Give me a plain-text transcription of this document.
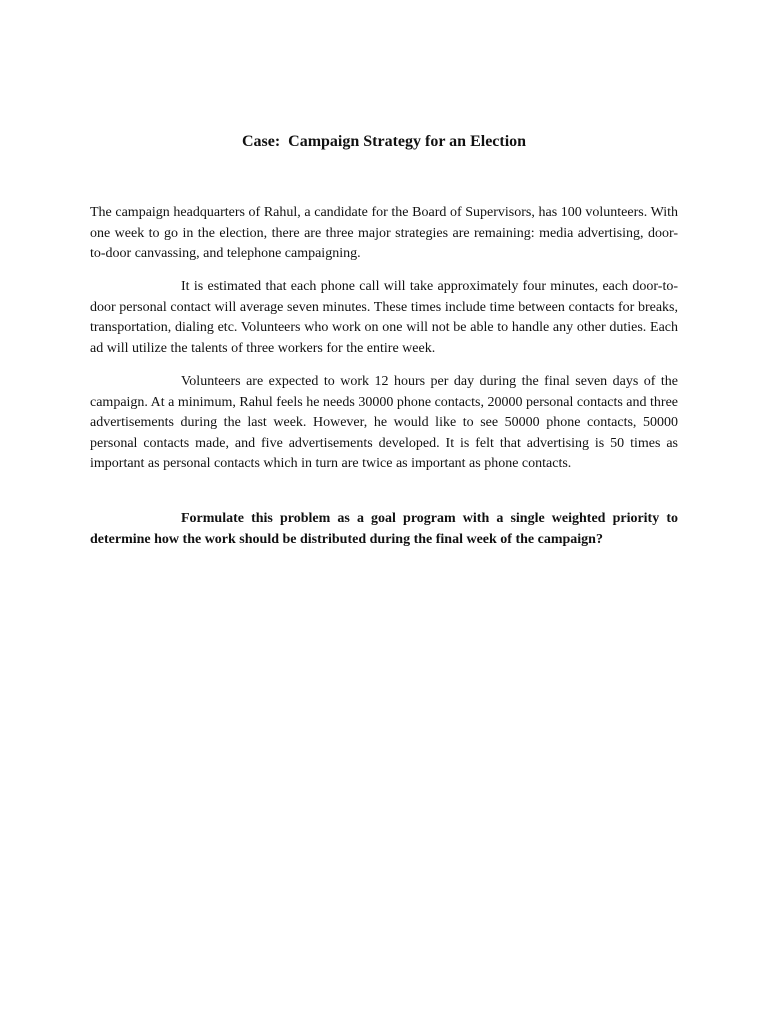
Case:  Campaign Strategy for an Election

The campaign headquarters of Rahul, a candidate for the Board of Supervisors, has 100 volunteers. With one week to go in the election, there are three major strategies are remaining: media advertising, door-to-door canvassing, and telephone campaigning.

It is estimated that each phone call will take approximately four minutes, each door-to-door personal contact will average seven minutes. These times include time between contacts for breaks, transportation, dialing etc. Volunteers who work on one will not be able to handle any other duties. Each ad will utilize the talents of three workers for the entire week.

Volunteers are expected to work 12 hours per day during the final seven days of the campaign. At a minimum, Rahul feels he needs 30000 phone contacts, 20000 personal contacts and three advertisements during the last week. However, he would like to see 50000 phone contacts, 50000 personal contacts made, and five advertisements developed. It is felt that advertising is 50 times as important as personal contacts which in turn are twice as important as phone contacts.

Formulate this problem as a goal program with a single weighted priority to determine how the work should be distributed during the final week of the campaign?
